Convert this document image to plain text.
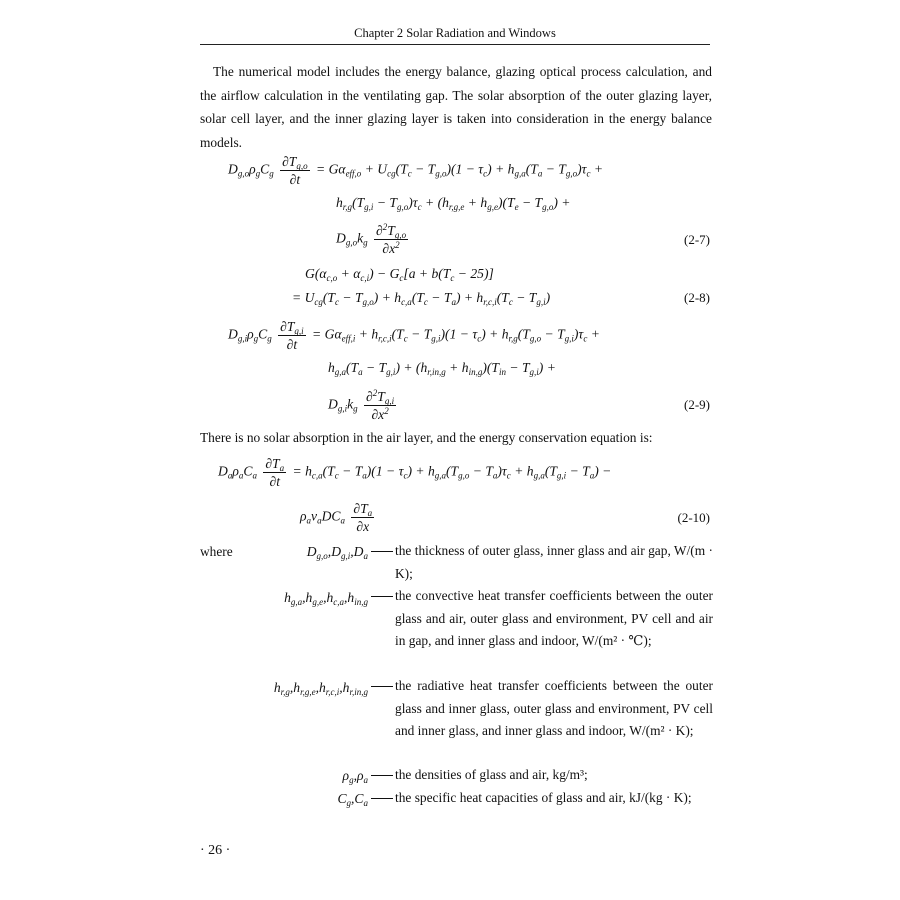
Chapter 2 Solar Radiation and Windows

The numerical model includes the energy balance, glazing optical process calculation, and the airflow calculation in the ventilating gap. The solar absorption of the outer glazing layer, solar cell layer, and the inner glazing layer is taken into consideration in the energy balance models.

$D_{g,o}\rho_gC_g \frac{\partial T_{g,o}}{\partial t} = G\alpha_{eff,o} + U_{cg}(T_c - T_{g,o})(1 - \tau_c) + h_{g,a}(T_a - T_{g,o})\tau_c$ +
$h_{r,g}(T_{g,i} - T_{g,o})\tau_c + (h_{r,g,e} + h_{g,e})(T_e - T_{g,o})$ +
$D_{g,o}k_g \frac{\partial^2T_{g,o}}{\partial x^2}$	(2-7)
$G(\alpha_{c,o} + \alpha_{c,i}) - G_c[a + b(T_c - 25)]$
= $U_{cg}(T_c - T_{g,o}) + h_{c,a}(T_c - T_a) + h_{r,c,i}(T_c - T_{g,i})$	(2-8)
$D_{g,i}\rho_gC_g \frac{\partial T_{g,i}}{\partial t} = G\alpha_{eff,i} + h_{r,c,i}(T_c - T_{g,i})(1 - \tau_c) + h_{r,g}(T_{g,o} - T_{g,i})\tau_c$ +
$h_{g,a}(T_a - T_{g,i}) + (h_{r,in,g} + h_{in,g})(T_{in} - T_{g,i})$ +
$D_{g,i}k_g \frac{\partial^2T_{g,i}}{\partial x^2}$	(2-9)
There is no solar absorption in the air layer, and the energy conservation equation is:
$D_a\rho_aC_a \frac{\partial T_a}{\partial t} = h_{c,a}(T_c - T_a)(1 - \tau_c) + h_{g,a}(T_{g,o} - T_a)\tau_c + h_{g,a}(T_{g,i} - T_a)$ −
$\rho_av_aDC_a \frac{\partial T_a}{\partial x}$	(2-10)
where	$D_{g,o},D_{g,i},D_a$ the thickness of outer glass, inner glass and air gap, W/(m · K);
$h_{g,a},h_{g,e},h_{c,a},h_{in,g}$ the convective heat transfer coefficients between the outer glass and air, outer glass and environment, PV cell and air in gap, and inner glass and indoor, W/(m² · ℃);
$h_{r,g},h_{r,g,e},h_{r,c,i},h_{r,in,g}$ the radiative heat transfer coefficients between the outer glass and inner glass, outer glass and environment, PV cell and inner glass, and inner glass and indoor, W/(m² · K);
$\rho_g,\rho_a$ the densities of glass and air, kg/m³;
$C_g,C_a$ the specific heat capacities of glass and air, kJ/(kg · K);
· 26 ·
